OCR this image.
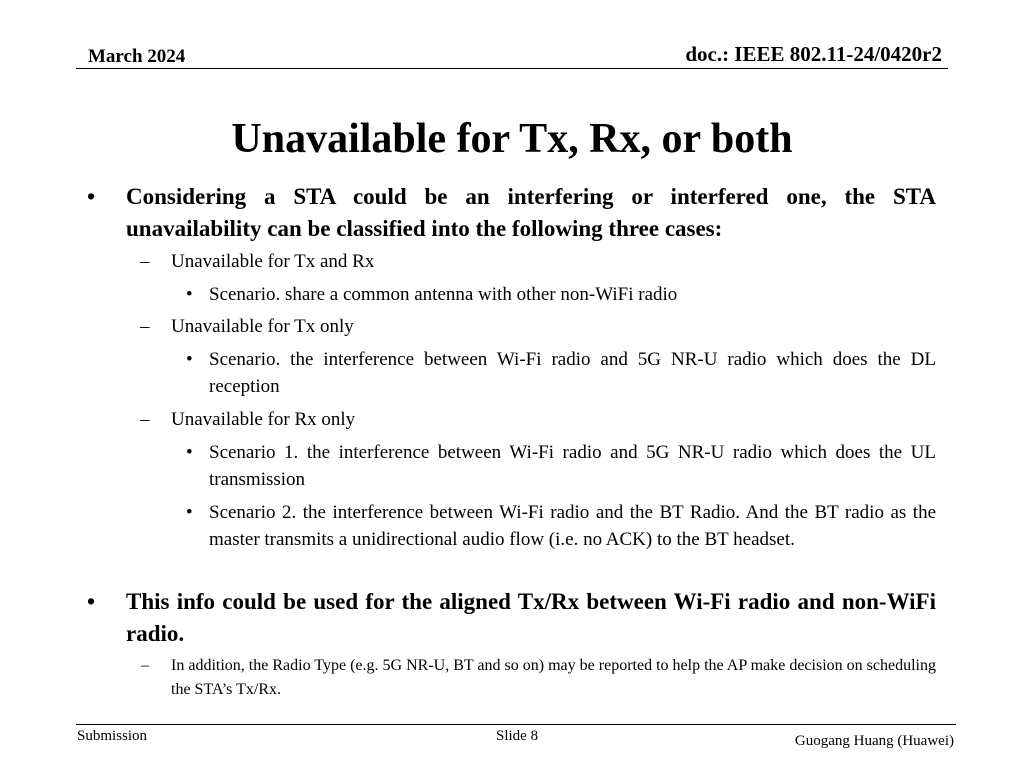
March 2024	doc.: IEEE 802.11-24/0420r2
Unavailable for Tx, Rx, or both
• Considering a STA could be an interfering or interfered one, the STA unavailability can be classified into the following three cases:
– Unavailable for Tx and Rx
• Scenario. share a common antenna with other non-WiFi radio
– Unavailable for Tx only
• Scenario. the interference between Wi-Fi radio and 5G NR-U radio which does the DL reception
– Unavailable for Rx only
• Scenario 1. the interference between Wi-Fi radio and 5G NR-U radio which does the UL transmission
• Scenario 2. the interference between Wi-Fi radio and the BT Radio. And the BT radio as the master transmits a unidirectional audio flow (i.e. no ACK) to the BT headset.
• This info could be used for the aligned Tx/Rx between Wi-Fi radio and non-WiFi radio.
– In addition, the Radio Type (e.g. 5G NR-U, BT and so on) may be reported to help the AP make decision on scheduling the STA’s Tx/Rx.
Submission	Slide 8	Guogang Huang (Huawei)
